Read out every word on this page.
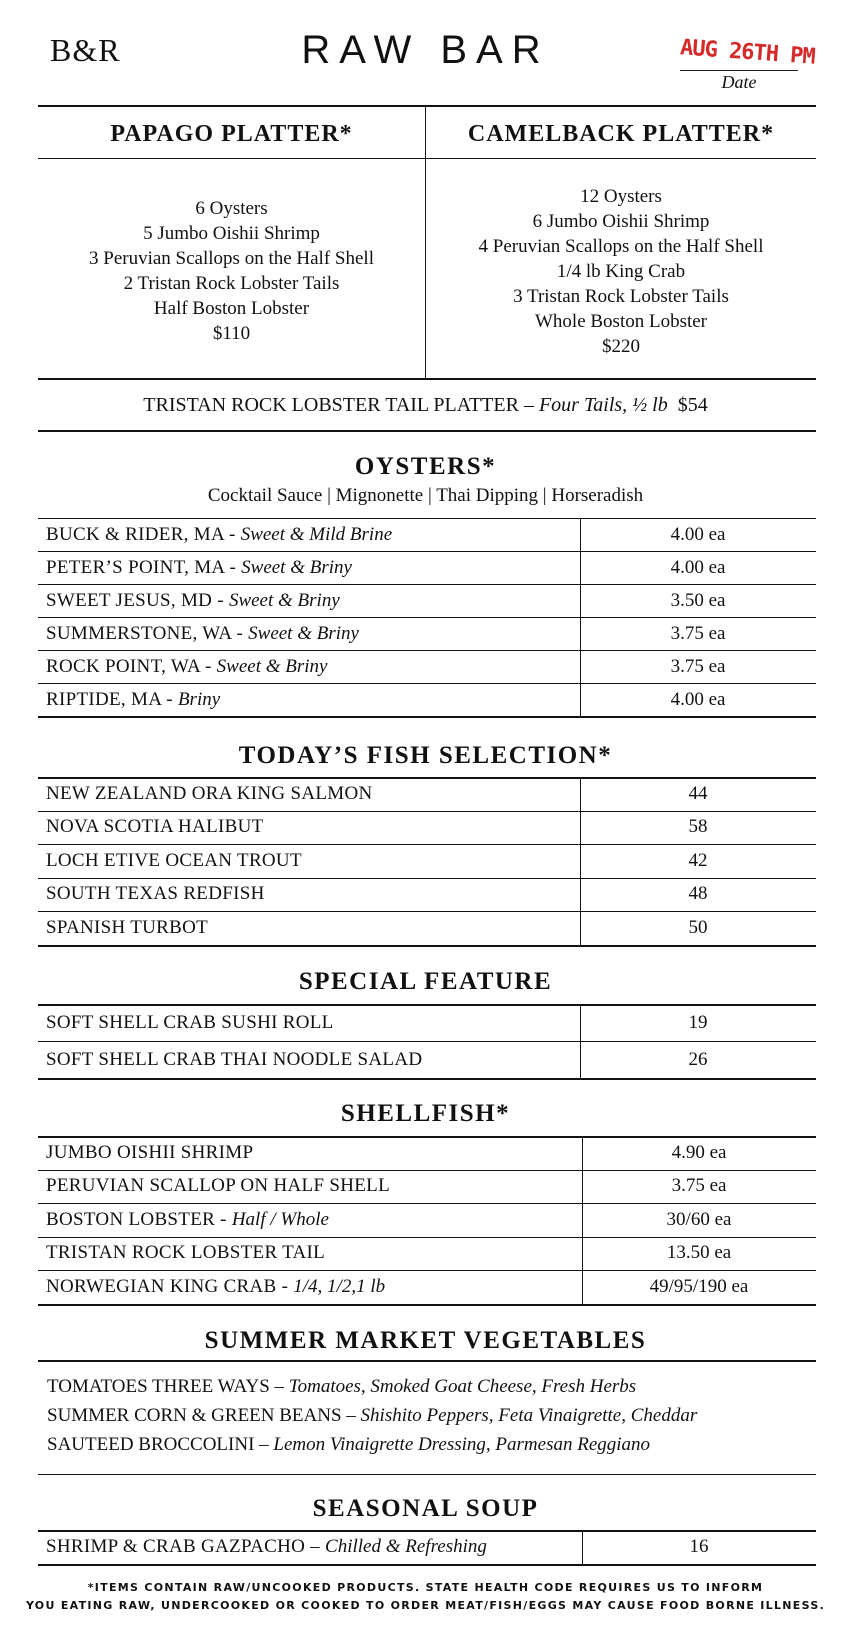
B&R	RAW BAR	AUG 26TH PM
Date
PAPAGO PLATTER*	CAMELBACK PLATTER*
6 Oysters
5 Jumbo Oishii Shrimp
3 Peruvian Scallops on the Half Shell
2 Tristan Rock Lobster Tails
Half Boston Lobster
$110
12 Oysters
6 Jumbo Oishii Shrimp
4 Peruvian Scallops on the Half Shell
1/4 lb King Crab
3 Tristan Rock Lobster Tails
Whole Boston Lobster
$220
TRISTAN ROCK LOBSTER TAIL PLATTER – Four Tails, ½ lb $54
OYSTERS*
Cocktail Sauce | Mignonette | Thai Dipping | Horseradish
BUCK & RIDER, MA - Sweet & Mild Brine	4.00 ea
PETER’S POINT, MA - Sweet & Briny	4.00 ea
SWEET JESUS, MD - Sweet & Briny	3.50 ea
SUMMERSTONE, WA - Sweet & Briny	3.75 ea
ROCK POINT, WA - Sweet & Briny	3.75 ea
RIPTIDE, MA - Briny	4.00 ea
TODAY’S FISH SELECTION*
NEW ZEALAND ORA KING SALMON	44
NOVA SCOTIA HALIBUT	58
LOCH ETIVE OCEAN TROUT	42
SOUTH TEXAS REDFISH	48
SPANISH TURBOT	50
SPECIAL FEATURE
SOFT SHELL CRAB SUSHI ROLL	19
SOFT SHELL CRAB THAI NOODLE SALAD	26
SHELLFISH*
JUMBO OISHII SHRIMP	4.90 ea
PERUVIAN SCALLOP ON HALF SHELL	3.75 ea
BOSTON LOBSTER - Half / Whole	30/60 ea
TRISTAN ROCK LOBSTER TAIL	13.50 ea
NORWEGIAN KING CRAB - 1/4, 1/2,1 lb	49/95/190 ea
SUMMER MARKET VEGETABLES
TOMATOES THREE WAYS – Tomatoes, Smoked Goat Cheese, Fresh Herbs
SUMMER CORN & GREEN BEANS – Shishito Peppers, Feta Vinaigrette, Cheddar
SAUTEED BROCCOLINI – Lemon Vinaigrette Dressing, Parmesan Reggiano
SEASONAL SOUP
SHRIMP & CRAB GAZPACHO – Chilled & Refreshing	16
*ITEMS CONTAIN RAW/UNCOOKED PRODUCTS. STATE HEALTH CODE REQUIRES US TO INFORM
YOU EATING RAW, UNDERCOOKED OR COOKED TO ORDER MEAT/FISH/EGGS MAY CAUSE FOOD BORNE ILLNESS.
